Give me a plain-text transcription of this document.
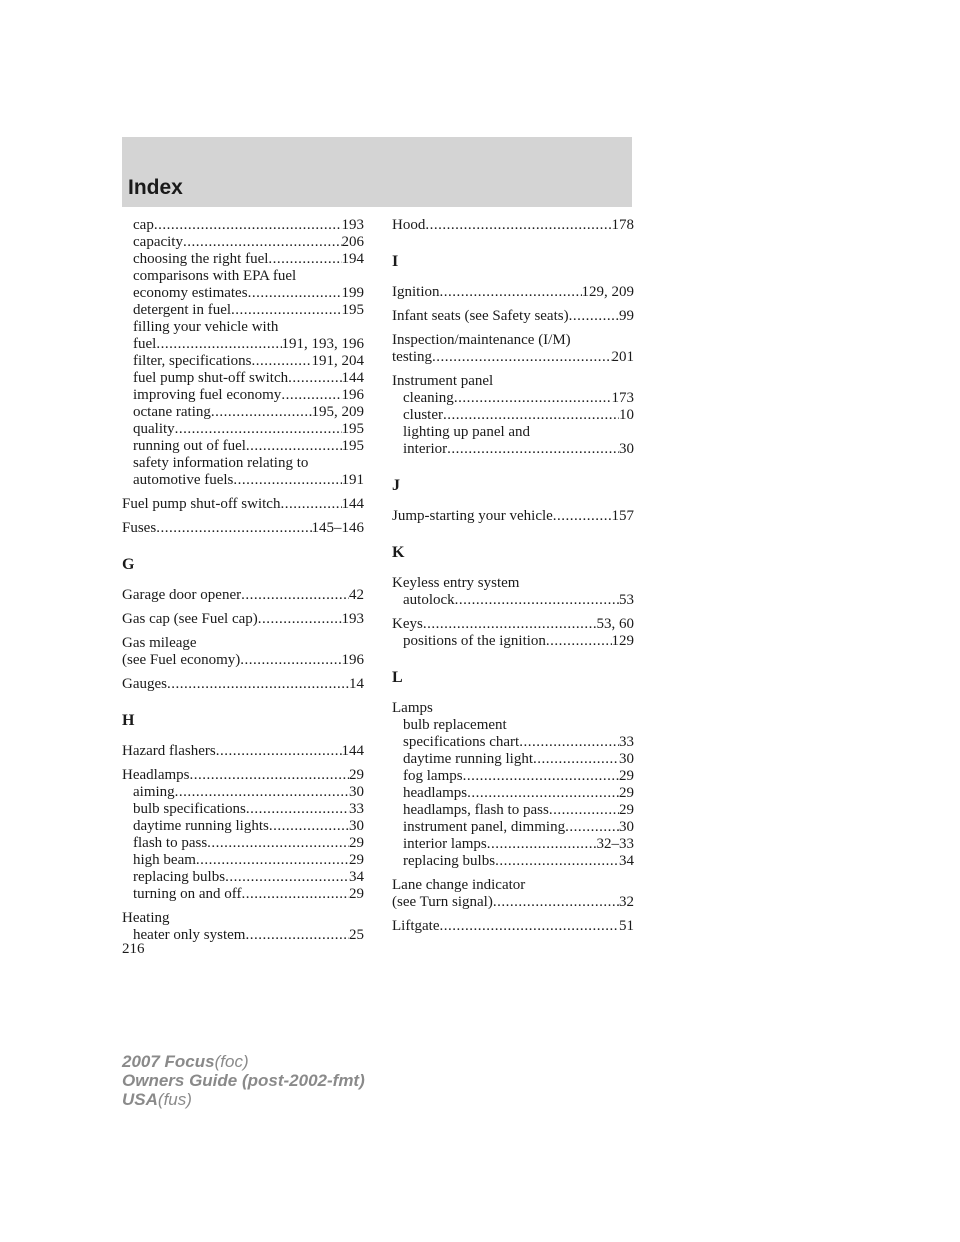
Index
cap .....	193
capacity .....	206
choosing the right fuel .....	194
comparisons with EPA fuel
economy estimates .....	199
detergent in fuel .....	195
filling your vehicle with
fuel .....	191, 193, 196
filter, specifications .....	191, 204
fuel pump shut-off switch .....	144
improving fuel economy .....	196
octane rating .....	195, 209
quality .....	195
running out of fuel .....	195
safety information relating to
automotive fuels .....	191
Fuel pump shut-off switch .....	144
Fuses .....	145–146
G
Garage door opener .....	42
Gas cap (see Fuel cap) .....	193
Gas mileage
(see Fuel economy) .....	196
Gauges .....	14
H
Hazard flashers .....	144
Headlamps .....	29
aiming .....	30
bulb specifications .....	33
daytime running lights .....	30
flash to pass .....	29
high beam .....	29
replacing bulbs .....	34
turning on and off .....	29
Heating
heater only system .....	25
Hood .....	178
I
Ignition .....	129, 209
Infant seats (see Safety seats) .....	99
Inspection/maintenance (I/M)
testing .....	201
Instrument panel
cleaning .....	173
cluster .....	10
lighting up panel and
interior .....	30
J
Jump-starting your vehicle .....	157
K
Keyless entry system
autolock .....	53
Keys .....	53, 60
positions of the ignition .....	129
L
Lamps
bulb replacement
specifications chart .....	33
daytime running light .....	30
fog lamps .....	29
headlamps .....	29
headlamps, flash to pass .....	29
instrument panel, dimming .....	30
interior lamps .....	32–33
replacing bulbs .....	34
Lane change indicator
(see Turn signal) .....	32
Liftgate .....	51
216
2007 Focus(foc)
Owners Guide (post-2002-fmt)
USA(fus)
